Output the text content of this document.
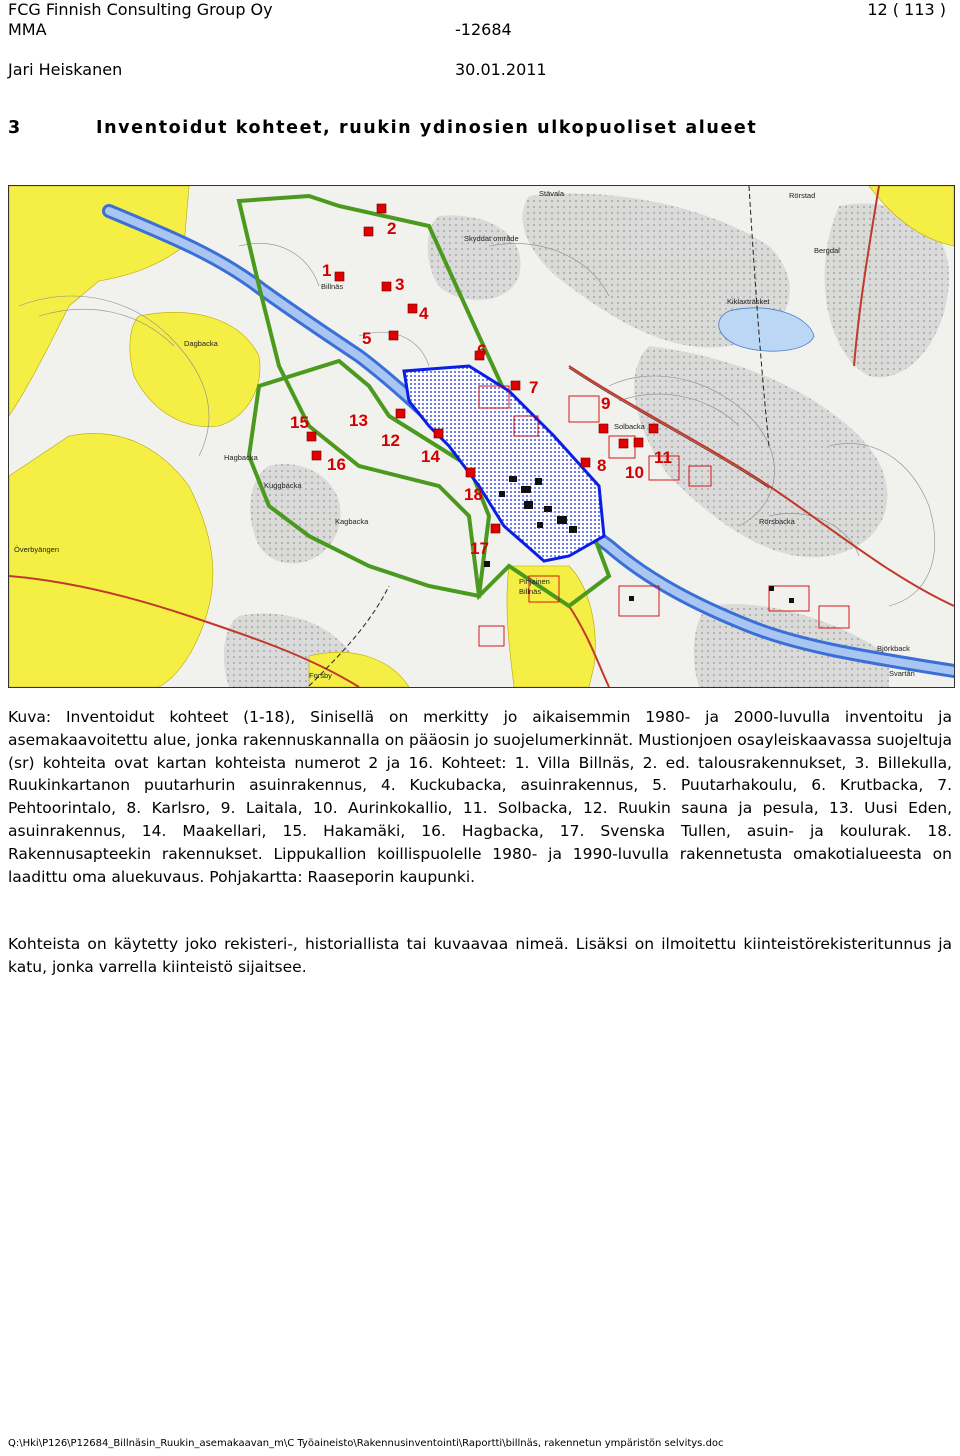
FCG Finnish Consulting Group Oy	12 ( 113 )
MMA	-12684
Jari Heiskanen	30.01.2011
3	Inventoidut kohteet, ruukin ydinosien ulkopuoliset alueet
1
2
3
4
5
6
7
8
9
10
11
12
13
14
15
16
17
18
Billnäs
Stävala
Skyddat område
Rörstad
Bergdal
Kiklaxträsket
Solbacka
Hagbacka
Forsby
Pinjainen
Billnäs
Överbyängen
Björkback
Svartån
Kuggbacka
Kagbacka	Rörsbacka
Dagbacka

Kuva: Inventoidut kohteet (1-18), Sinisellä on merkitty jo aikaisemmin 1980- ja 2000-luvulla inventoitu ja asemakaavoitettu alue, jonka rakennuskannalla on pääosin jo suojelumerkinnät. Mustionjoen osayleiskaavassa suojeltuja (sr) kohteita ovat kartan kohteista numerot 2 ja 16. Kohteet: 1. Villa Billnäs, 2. ed. talousrakennukset, 3. Billekulla, Ruukinkartanon puutarhurin asuinrakennus, 4. Kuckubacka, asuinrakennus, 5. Puutarhakoulu, 6. Krutbacka, 7. Pehtoorintalo, 8. Karlsro, 9. Laitala, 10. Aurinkokallio, 11. Solbacka, 12. Ruukin sauna ja pesula, 13. Uusi Eden, asuinrakennus, 14. Maakellari, 15. Hakamäki, 16. Hagbacka, 17. Svenska Tullen, asuin- ja koulurak. 18. Rakennusapteekin rakennukset. Lippukallion koillispuolelle 1980- ja 1990-luvulla rakennetusta omakotialueesta on laadittu oma aluekuvaus. Pohjakartta: Raaseporin kaupunki.

Kohteista on käytetty joko rekisteri-, historiallista tai kuvaavaa nimeä. Lisäksi on ilmoitettu kiinteistörekisteritunnus ja katu, jonka varrella kiinteistö sijaitsee.

Q:\Hki\P126\P12684_Billnäsin_Ruukin_asemakaavan_m\C Työaineisto\Rakennusinventointi\Raportti\billnäs, rakennetun ympäristön selvitys.doc
